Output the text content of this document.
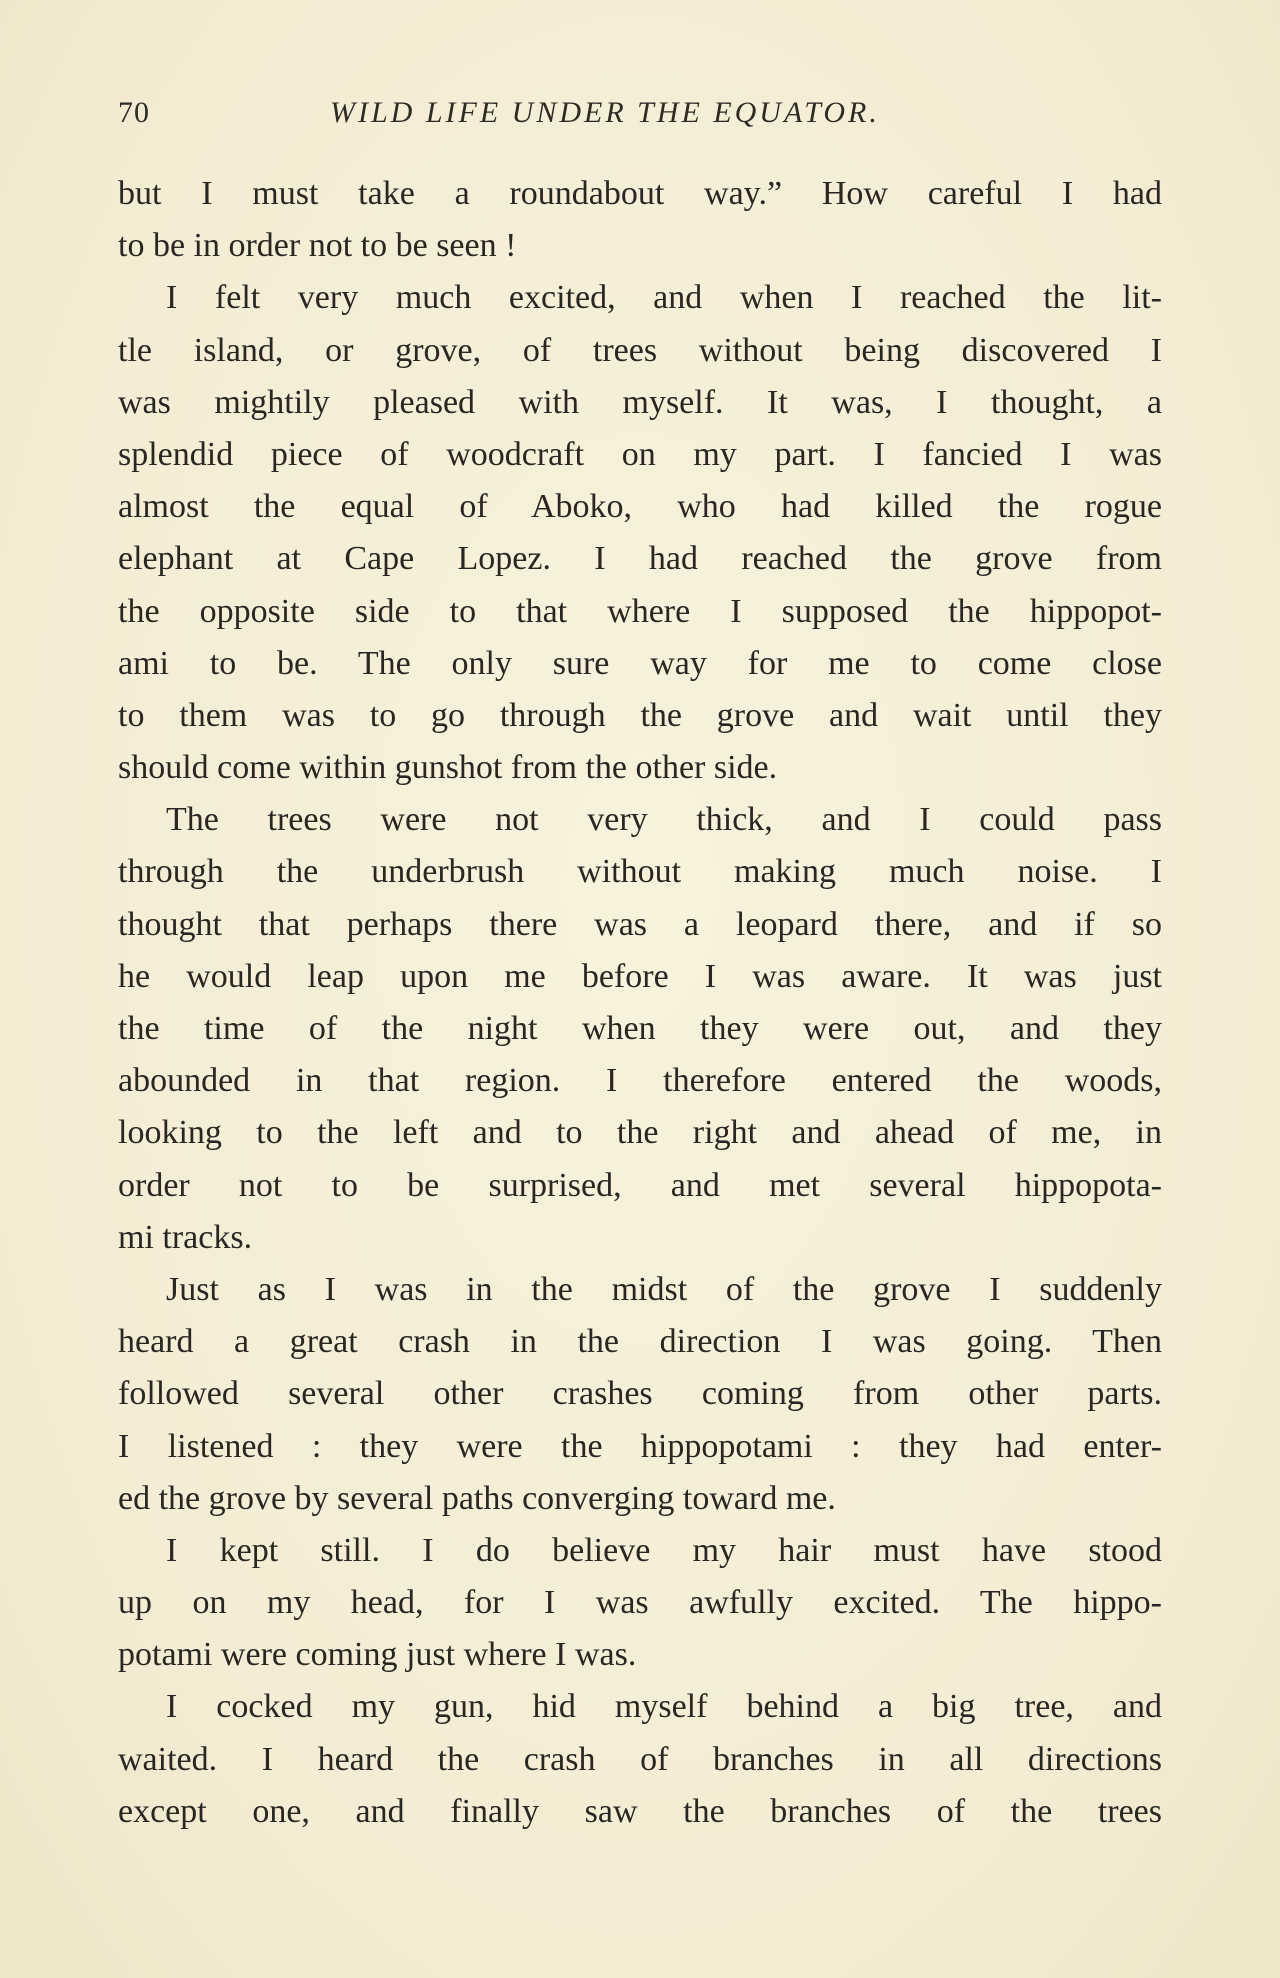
70	WILD LIFE UNDER THE EQUATOR.
but I must take a roundabout way.” How careful I had
to be in order not to be seen !
I felt very much excited, and when I reached the lit-
tle island, or grove, of trees without being discovered I
was mightily pleased with myself. It was, I thought, a
splendid piece of woodcraft on my part. I fancied I was
almost the equal of Aboko, who had killed the rogue
elephant at Cape Lopez. I had reached the grove from
the opposite side to that where I supposed the hippopot-
ami to be. The only sure way for me to come close
to them was to go through the grove and wait until they
should come within gunshot from the other side.
The trees were not very thick, and I could pass
through the underbrush without making much noise. I
thought that perhaps there was a leopard there, and if so
he would leap upon me before I was aware. It was just
the time of the night when they were out, and they
abounded in that region. I therefore entered the woods,
looking to the left and to the right and ahead of me, in
order not to be surprised, and met several hippopota-
mi tracks.
Just as I was in the midst of the grove I suddenly
heard a great crash in the direction I was going. Then
followed several other crashes coming from other parts.
I listened : they were the hippopotami : they had enter-
ed the grove by several paths converging toward me.
I kept still. I do believe my hair must have stood
up on my head, for I was awfully excited. The hippo-
potami were coming just where I was.
I cocked my gun, hid myself behind a big tree, and
waited. I heard the crash of branches in all directions
except one, and finally saw the branches of the trees
